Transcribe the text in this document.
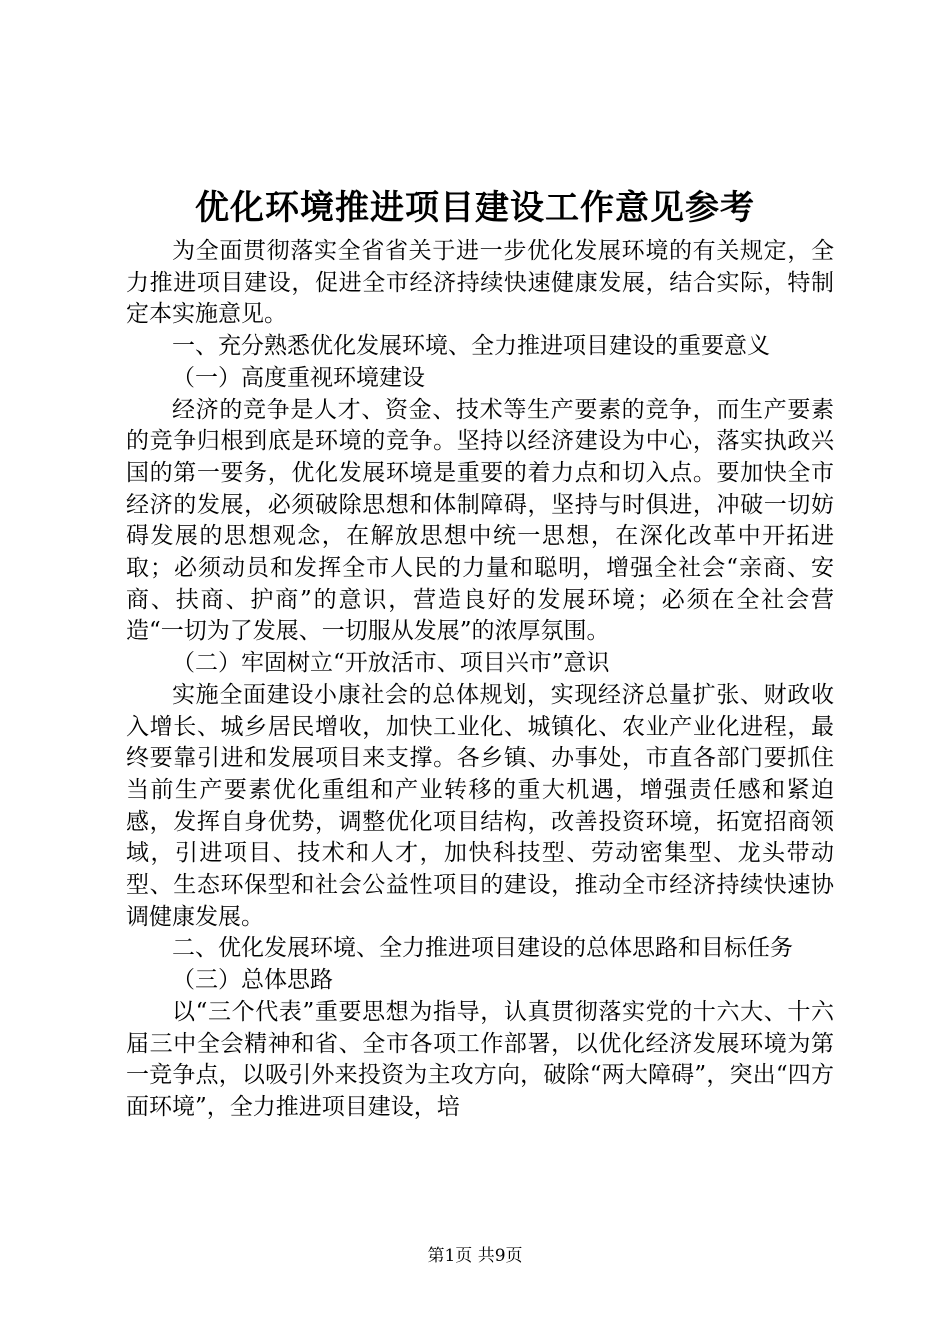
优化环境推进项目建设工作意见参考

为全面贯彻落实全省省关于进一步优化发展环境的有关规定，全力推进项目建设，促进全市经济持续快速健康发展，结合实际，特制定本实施意见。

一、充分熟悉优化发展环境、全力推进项目建设的重要意义

（一）高度重视环境建设

经济的竞争是人才、资金、技术等生产要素的竞争，而生产要素的竞争归根到底是环境的竞争。坚持以经济建设为中心，落实执政兴国的第一要务，优化发展环境是重要的着力点和切入点。要加快全市经济的发展，必须破除思想和体制障碍，坚持与时俱进，冲破一切妨碍发展的思想观念，在解放思想中统一思想，在深化改革中开拓进取；必须动员和发挥全市人民的力量和聪明，增强全社会“亲商、安商、扶商、护商”的意识，营造良好的发展环境；必须在全社会营造“一切为了发展、一切服从发展”的浓厚氛围。

（二）牢固树立“开放活市、项目兴市”意识

实施全面建设小康社会的总体规划，实现经济总量扩张、财政收入增长、城乡居民增收，加快工业化、城镇化、农业产业化进程，最终要靠引进和发展项目来支撑。各乡镇、办事处，市直各部门要抓住当前生产要素优化重组和产业转移的重大机遇，增强责任感和紧迫感，发挥自身优势，调整优化项目结构，改善投资环境，拓宽招商领域，引进项目、技术和人才，加快科技型、劳动密集型、龙头带动型、生态环保型和社会公益性项目的建设，推动全市经济持续快速协调健康发展。

二、优化发展环境、全力推进项目建设的总体思路和目标任务

（三）总体思路

以“三个代表”重要思想为指导，认真贯彻落实党的十六大、十六届三中全会精神和省、全市各项工作部署，以优化经济发展环境为第一竞争点，以吸引外来投资为主攻方向，破除“两大障碍”，突出“四方面环境”，全力推进项目建设，培

第1页 共9页
